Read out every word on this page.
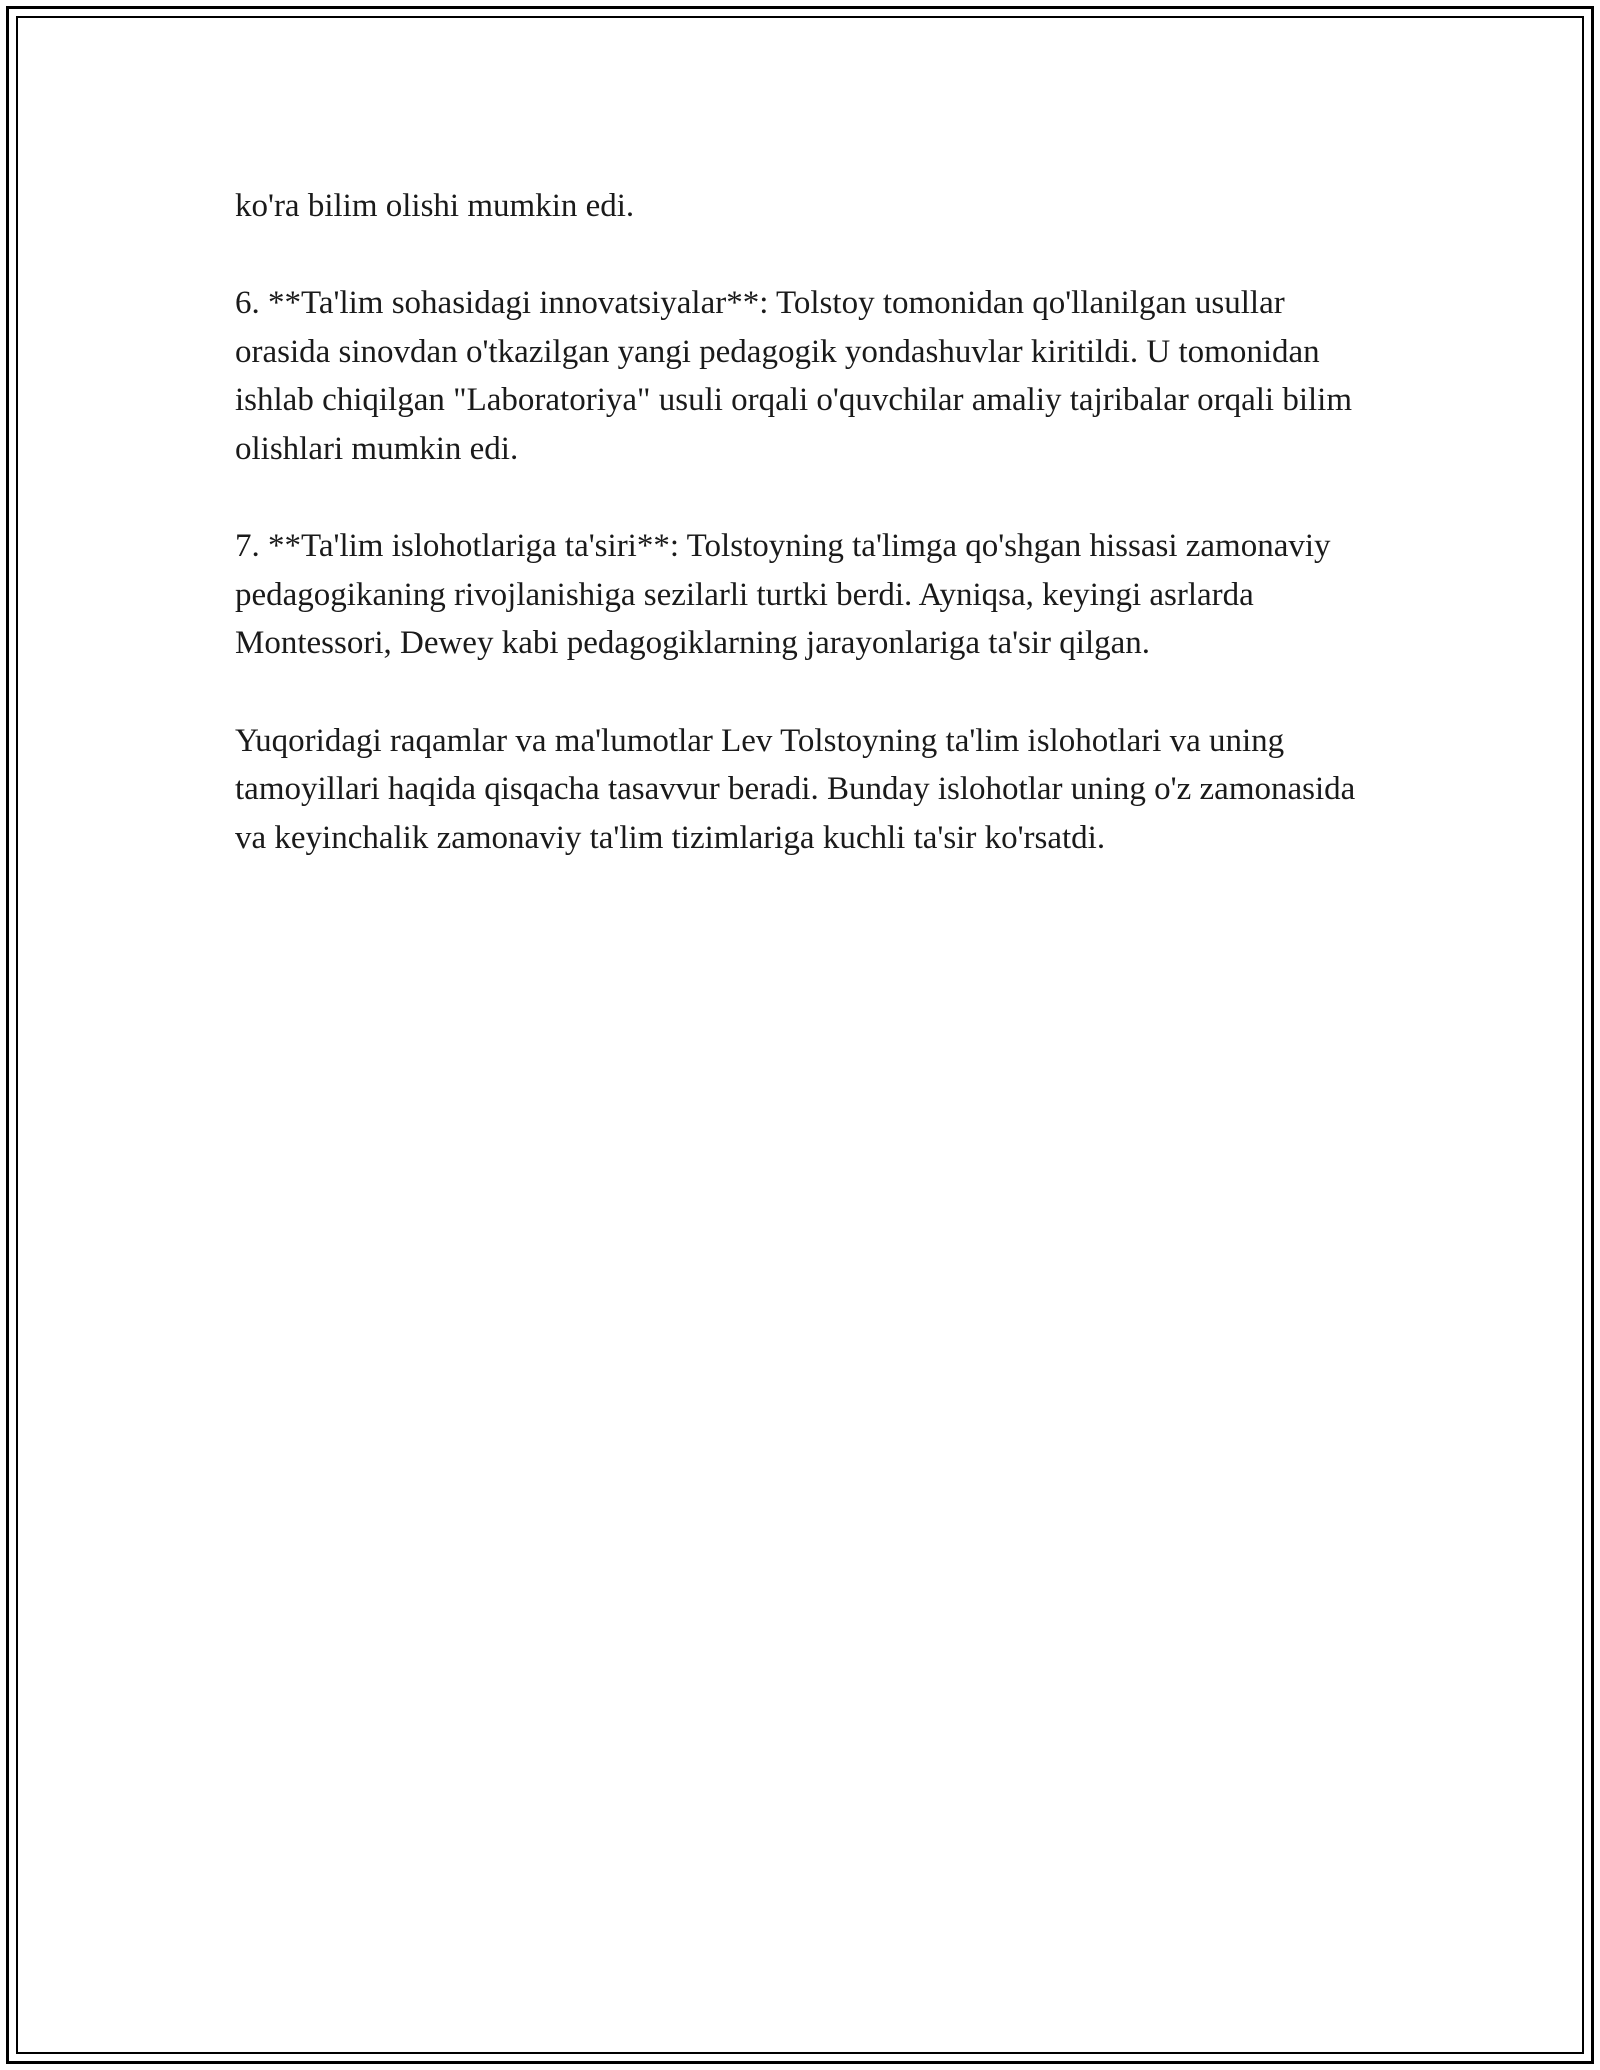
ko'ra bilim olishi mumkin edi.

6. **Ta'lim sohasidagi innovatsiyalar**: Tolstoy tomonidan qo'llanilgan usullar orasida sinovdan o'tkazilgan yangi pedagogik yondashuvlar kiritildi. U tomonidan ishlab chiqilgan "Laboratoriya" usuli orqali o'quvchilar amaliy tajribalar orqali bilim olishlari mumkin edi.

7. **Ta'lim islohotlariga ta'siri**: Tolstoyning ta'limga qo'shgan hissasi zamonaviy pedagogikaning rivojlanishiga sezilarli turtki berdi. Ayniqsa, keyingi asrlarda Montessori, Dewey kabi pedagogiklarning jarayonlariga ta'sir qilgan.

Yuqoridagi raqamlar va ma'lumotlar Lev Tolstoyning ta'lim islohotlari va uning tamoyillari haqida qisqacha tasavvur beradi. Bunday islohotlar uning o'z zamonasida va keyinchalik zamonaviy ta'lim tizimlariga kuchli ta'sir ko'rsatdi.
